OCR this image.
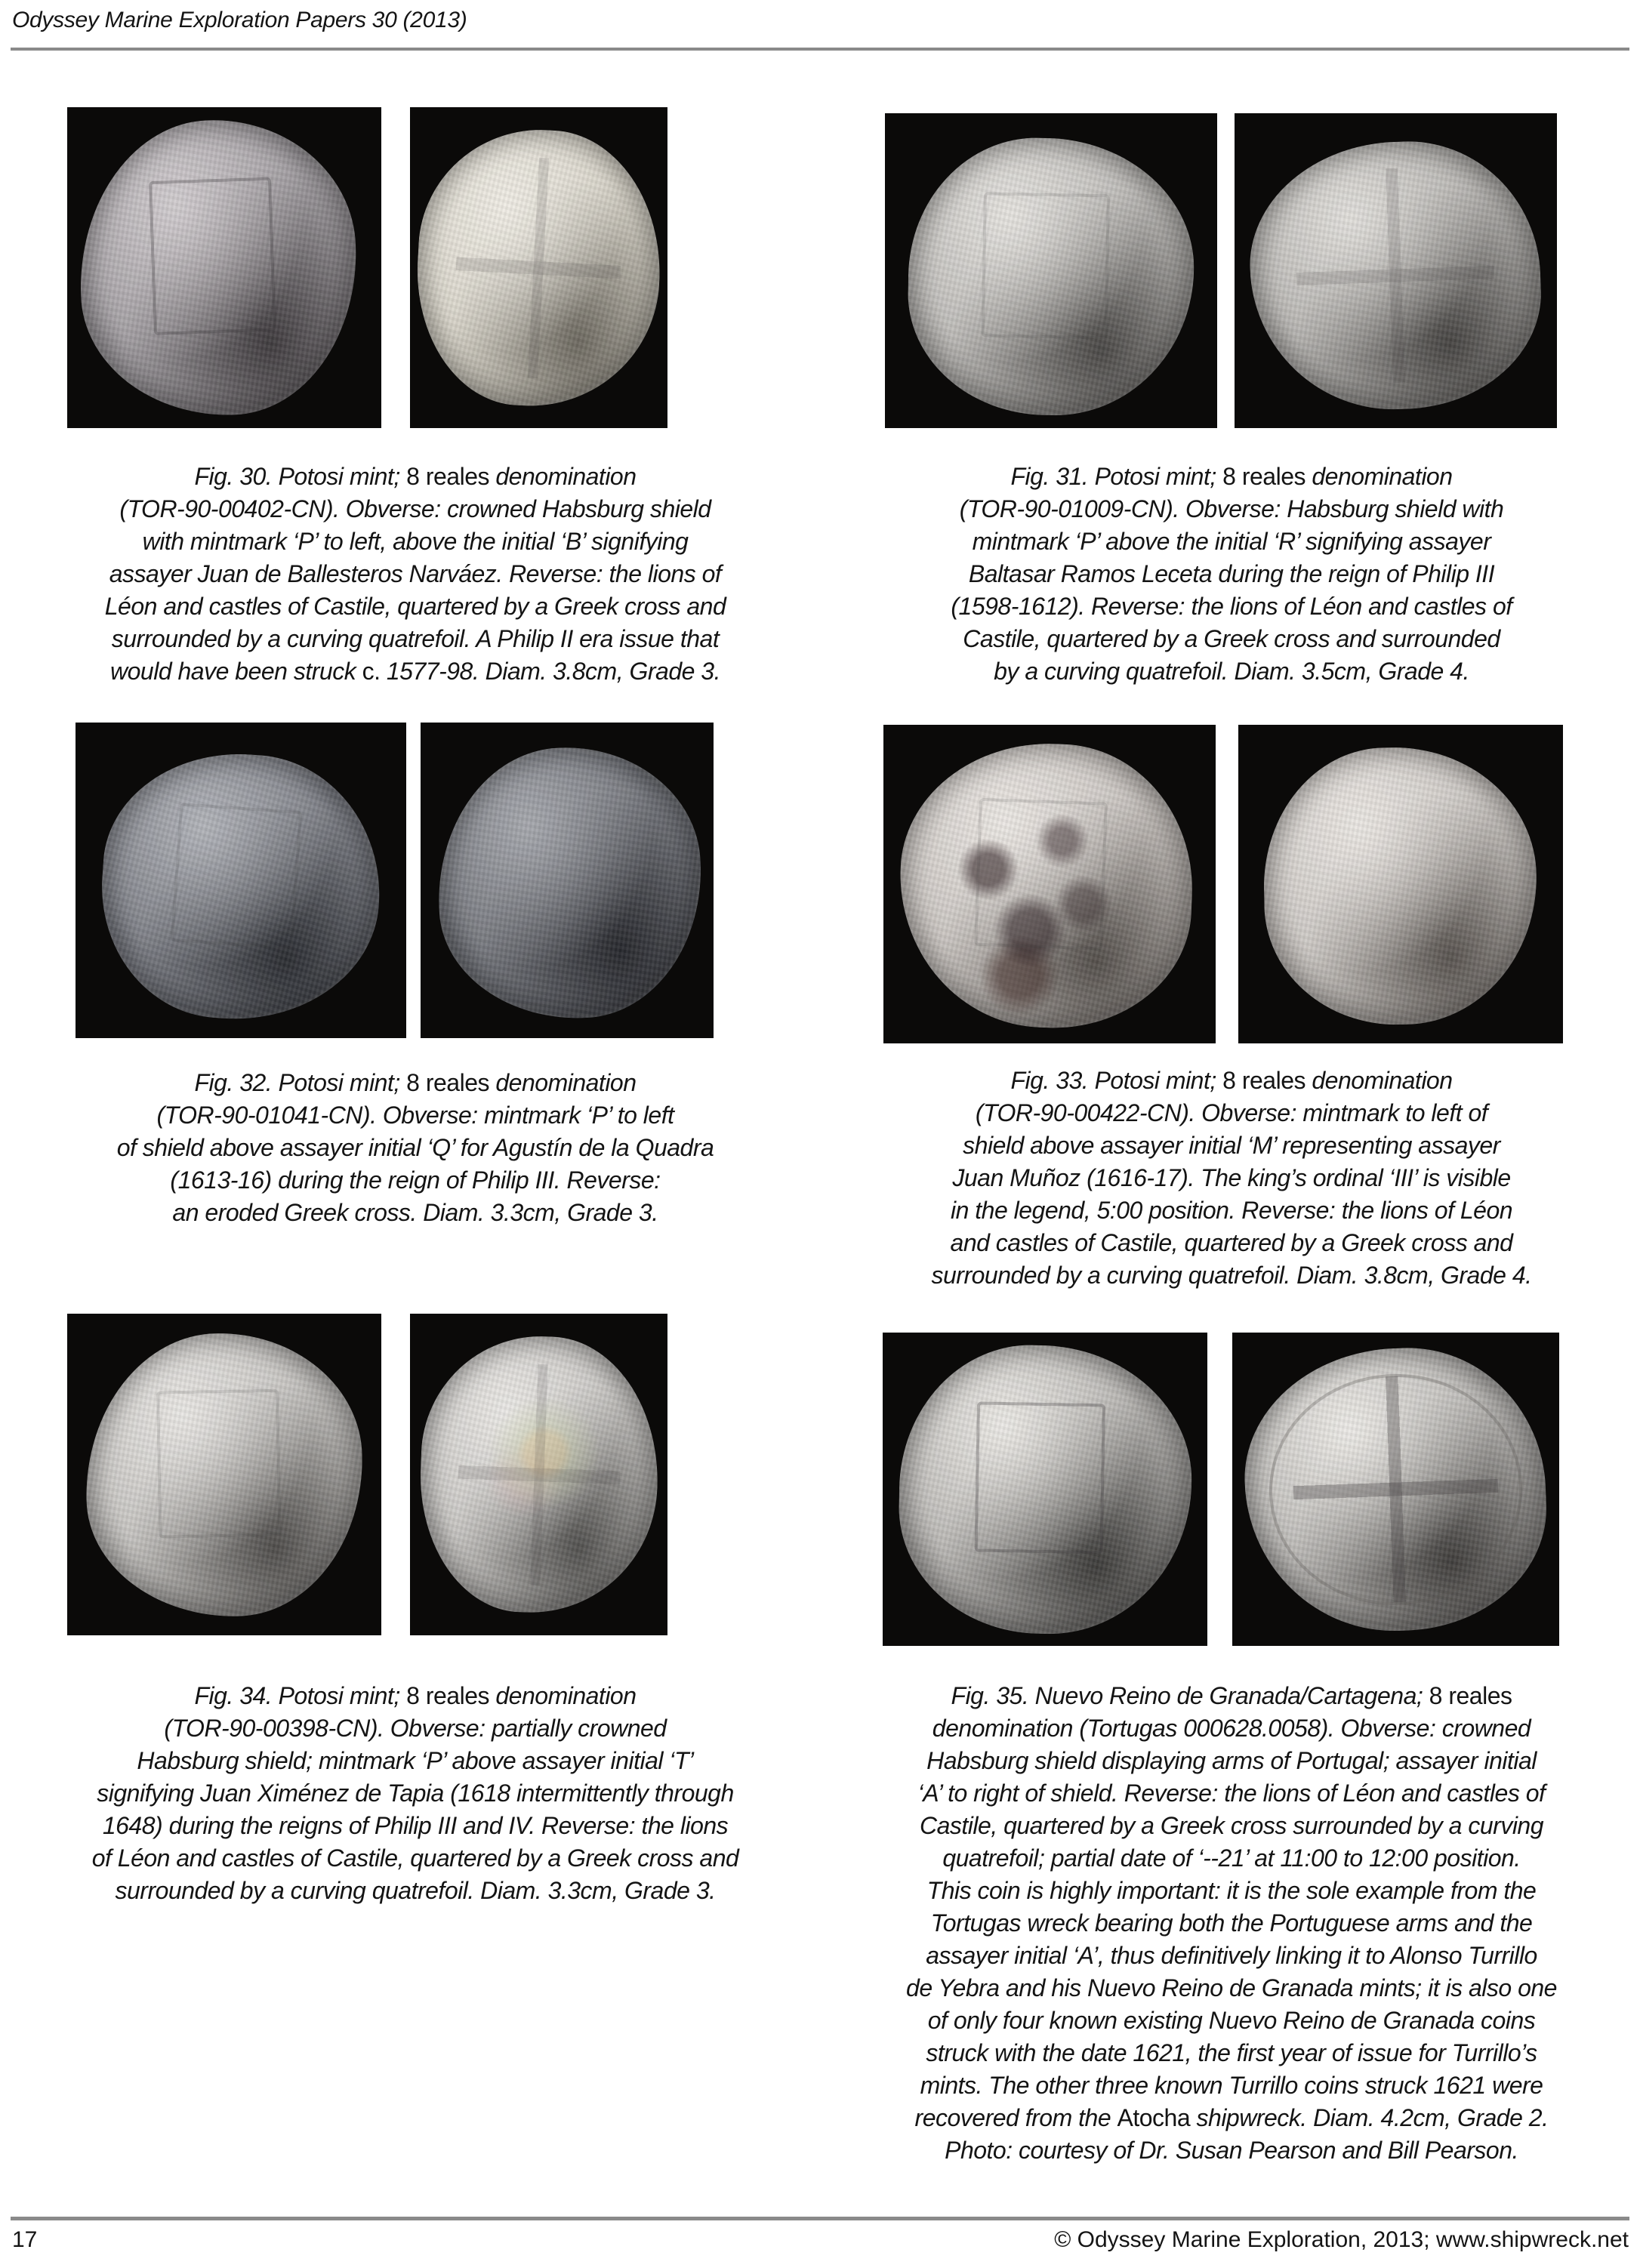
Odyssey Marine Exploration Papers 30 (2013)
Fig. 30. Potosi mint; 8 reales denomination
(TOR-90-00402-CN). Obverse: crowned Habsburg shield
with mintmark ‘P’ to left, above the initial ‘B’ signifying
assayer Juan de Ballesteros Narváez. Reverse: the lions of
Léon and castles of Castile, quartered by a Greek cross and
surrounded by a curving quatrefoil. A Philip II era issue that
would have been struck c. 1577-98. Diam. 3.8cm, Grade 3.
Fig. 31. Potosi mint; 8 reales denomination
(TOR-90-01009-CN). Obverse: Habsburg shield with
mintmark ‘P’ above the initial ‘R’ signifying assayer
Baltasar Ramos Leceta during the reign of Philip III
(1598-1612). Reverse: the lions of Léon and castles of
Castile, quartered by a Greek cross and surrounded
by a curving quatrefoil. Diam. 3.5cm, Grade 4.
Fig. 32. Potosi mint; 8 reales denomination
(TOR-90-01041-CN). Obverse: mintmark ‘P’ to left
of shield above assayer initial ‘Q’ for Agustín de la Quadra
(1613-16) during the reign of Philip III. Reverse:
an eroded Greek cross. Diam. 3.3cm, Grade 3.
Fig. 33. Potosi mint; 8 reales denomination
(TOR-90-00422-CN). Obverse: mintmark to left of
shield above assayer initial ‘M’ representing assayer
Juan Muñoz (1616-17). The king’s ordinal ‘III’ is visible
in the legend, 5:00 position. Reverse: the lions of Léon
and castles of Castile, quartered by a Greek cross and
surrounded by a curving quatrefoil. Diam. 3.8cm, Grade 4.
Fig. 34. Potosi mint; 8 reales denomination
(TOR-90-00398-CN). Obverse: partially crowned
Habsburg shield; mintmark ‘P’ above assayer initial ‘T’
signifying Juan Ximénez de Tapia (1618 intermittently through
1648) during the reigns of Philip III and IV. Reverse: the lions
of Léon and castles of Castile, quartered by a Greek cross and
surrounded by a curving quatrefoil. Diam. 3.3cm, Grade 3.
Fig. 35. Nuevo Reino de Granada/Cartagena; 8 reales
denomination (Tortugas 000628.0058). Obverse: crowned
Habsburg shield displaying arms of Portugal; assayer initial
‘A’ to right of shield. Reverse: the lions of Léon and castles of
Castile, quartered by a Greek cross surrounded by a curving
quatrefoil; partial date of ‘--21’ at 11:00 to 12:00 position.
This coin is highly important: it is the sole example from the
Tortugas wreck bearing both the Portuguese arms and the
assayer initial ‘A’, thus definitively linking it to Alonso Turrillo
de Yebra and his Nuevo Reino de Granada mints; it is also one
of only four known existing Nuevo Reino de Granada coins
struck with the date 1621, the first year of issue for Turrillo’s
mints. The other three known Turrillo coins struck 1621 were
recovered from the Atocha shipwreck. Diam. 4.2cm, Grade 2.
Photo: courtesy of Dr. Susan Pearson and Bill Pearson.
17	© Odyssey Marine Exploration, 2013; www.shipwreck.net
